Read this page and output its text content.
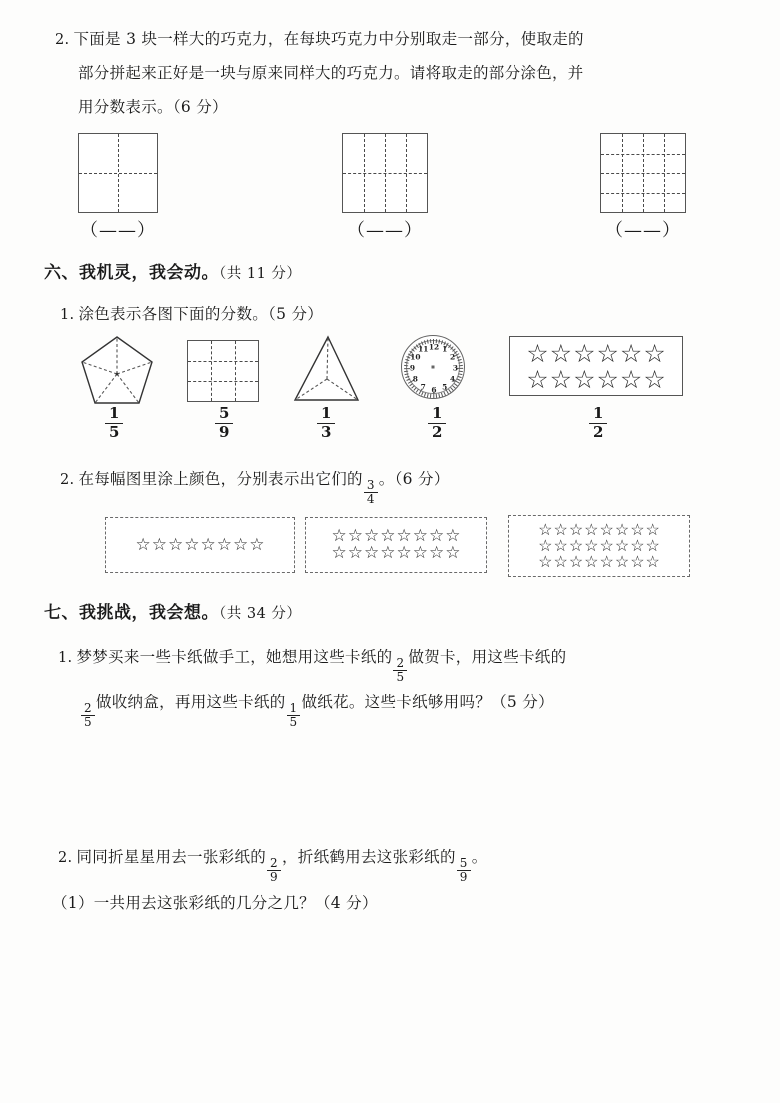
2. 下面是 3 块一样大的巧克力，在每块巧克力中分别取走一部分，使取走的
部分拼起来正好是一块与原来同样大的巧克力。请将取走的部分涂色，并
用分数表示。（6 分）
（——）	（——）	（——）
六、我机灵，我会动。（共 11 分）
1. 涂色表示各图下面的分数。（5 分）
$\frac{1}{5}$	$\frac{5}{9}$	$\frac{1}{3}$
12 1
2
3
4
5
6
7
8
9
10
11
$\frac{1}{2}$
☆ ☆ ☆ ☆ ☆ ☆
☆ ☆ ☆ ☆ ☆ ☆
$\frac{1}{2}$
2. 在每幅图里涂上颜色，分别表示出它们的
$\frac{3}{4}$
。（6 分）
☆ ☆ ☆ ☆ ☆ ☆ ☆ ☆	☆ ☆ ☆ ☆ ☆ ☆ ☆ ☆
☆ ☆ ☆ ☆ ☆ ☆ ☆ ☆
☆ ☆ ☆ ☆ ☆ ☆ ☆ ☆
☆ ☆ ☆ ☆ ☆ ☆ ☆ ☆
☆ ☆ ☆ ☆ ☆ ☆ ☆ ☆
七、我挑战，我会想。（共 34 分）
1. 梦梦买来一些卡纸做手工，她想用这些卡纸的
$\frac{2}{5}$
做贺卡，用这些卡纸的
$\frac{2}{5}$
做收纳盒，再用这些卡纸的
$\frac{1}{5}$
做纸花。这些卡纸够用吗？（5 分）
2. 同同折星星用去一张彩纸的
$\frac{2}{9}$
，折纸鹤用去这张彩纸的
$\frac{5}{9}$
。
（1）一共用去这张彩纸的几分之几？（4 分）
